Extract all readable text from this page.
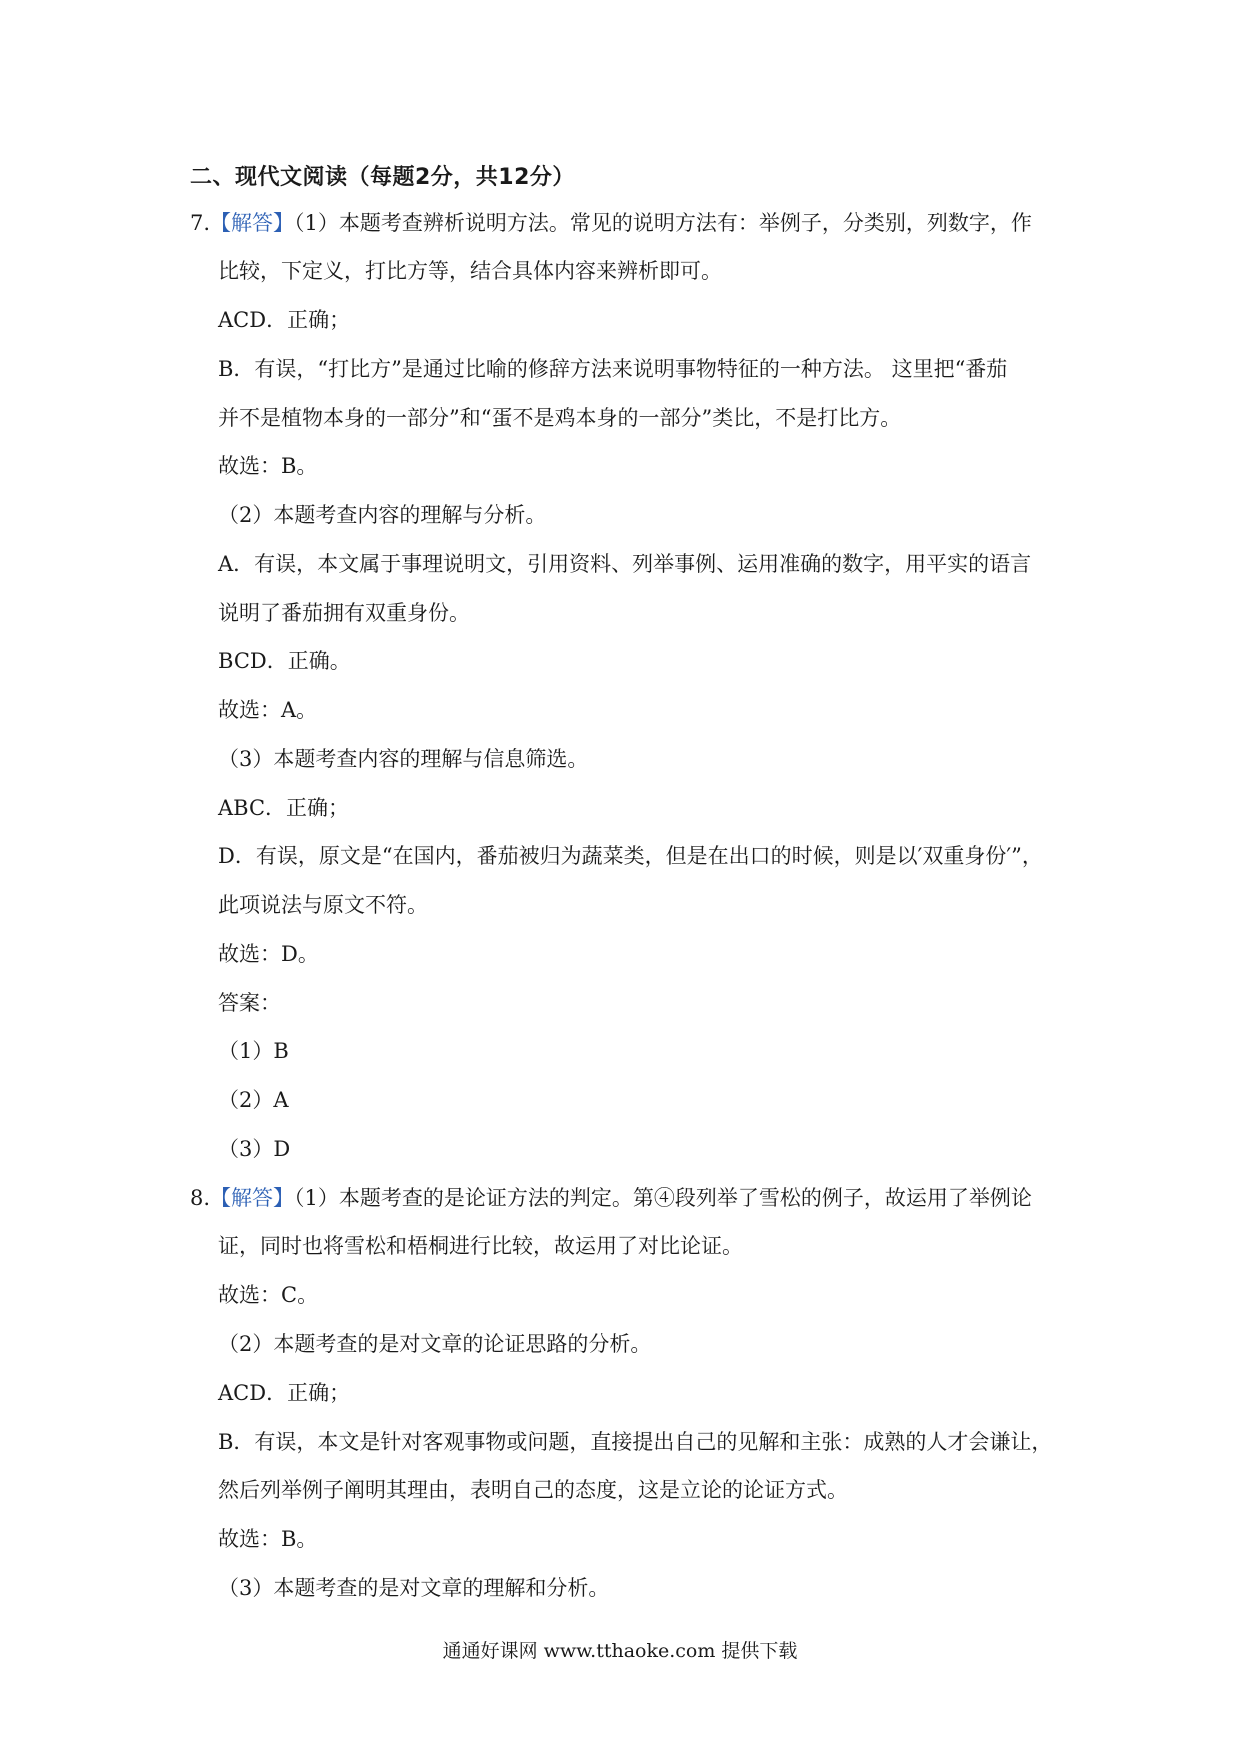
二、现代文阅读（每题2分，共12分）
7.【解答】（1）本题考查辨析说明方法。常见的说明方法有：举例子，分类别，列数字，作
比较，下定义，打比方等，结合具体内容来辨析即可。
ACD．正确；
B．有误，“打比方”是通过比喻的修辞方法来说明事物特征的一种方法。 这里把“番茄
并不是植物本身的一部分”和“蛋不是鸡本身的一部分”类比，不是打比方。
故选：B。
（2）本题考查内容的理解与分析。
A．有误，本文属于事理说明文，引用资料、列举事例、运用准确的数字，用平实的语言
说明了番茄拥有双重身份。
BCD．正确。
故选：A。
（3）本题考查内容的理解与信息筛选。
ABC．正确；
D．有误，原文是“在国内，番茄被归为蔬菜类，但是在出口的时候，则是以′双重身份′”，
此项说法与原文不符。
故选：D。
答案：
（1）B
（2）A
（3）D
8.【解答】（1）本题考查的是论证方法的判定。第④段列举了雪松的例子，故运用了举例论
证，同时也将雪松和梧桐进行比较，故运用了对比论证。
故选：C。
（2）本题考查的是对文章的论证思路的分析。
ACD．正确；
B．有误，本文是针对客观事物或问题，直接提出自己的见解和主张：成熟的人才会谦让，
然后列举例子阐明其理由，表明自己的态度，这是立论的论证方式。
故选：B。
（3）本题考查的是对文章的理解和分析。
通通好课网 www.tthaoke.com 提供下载
